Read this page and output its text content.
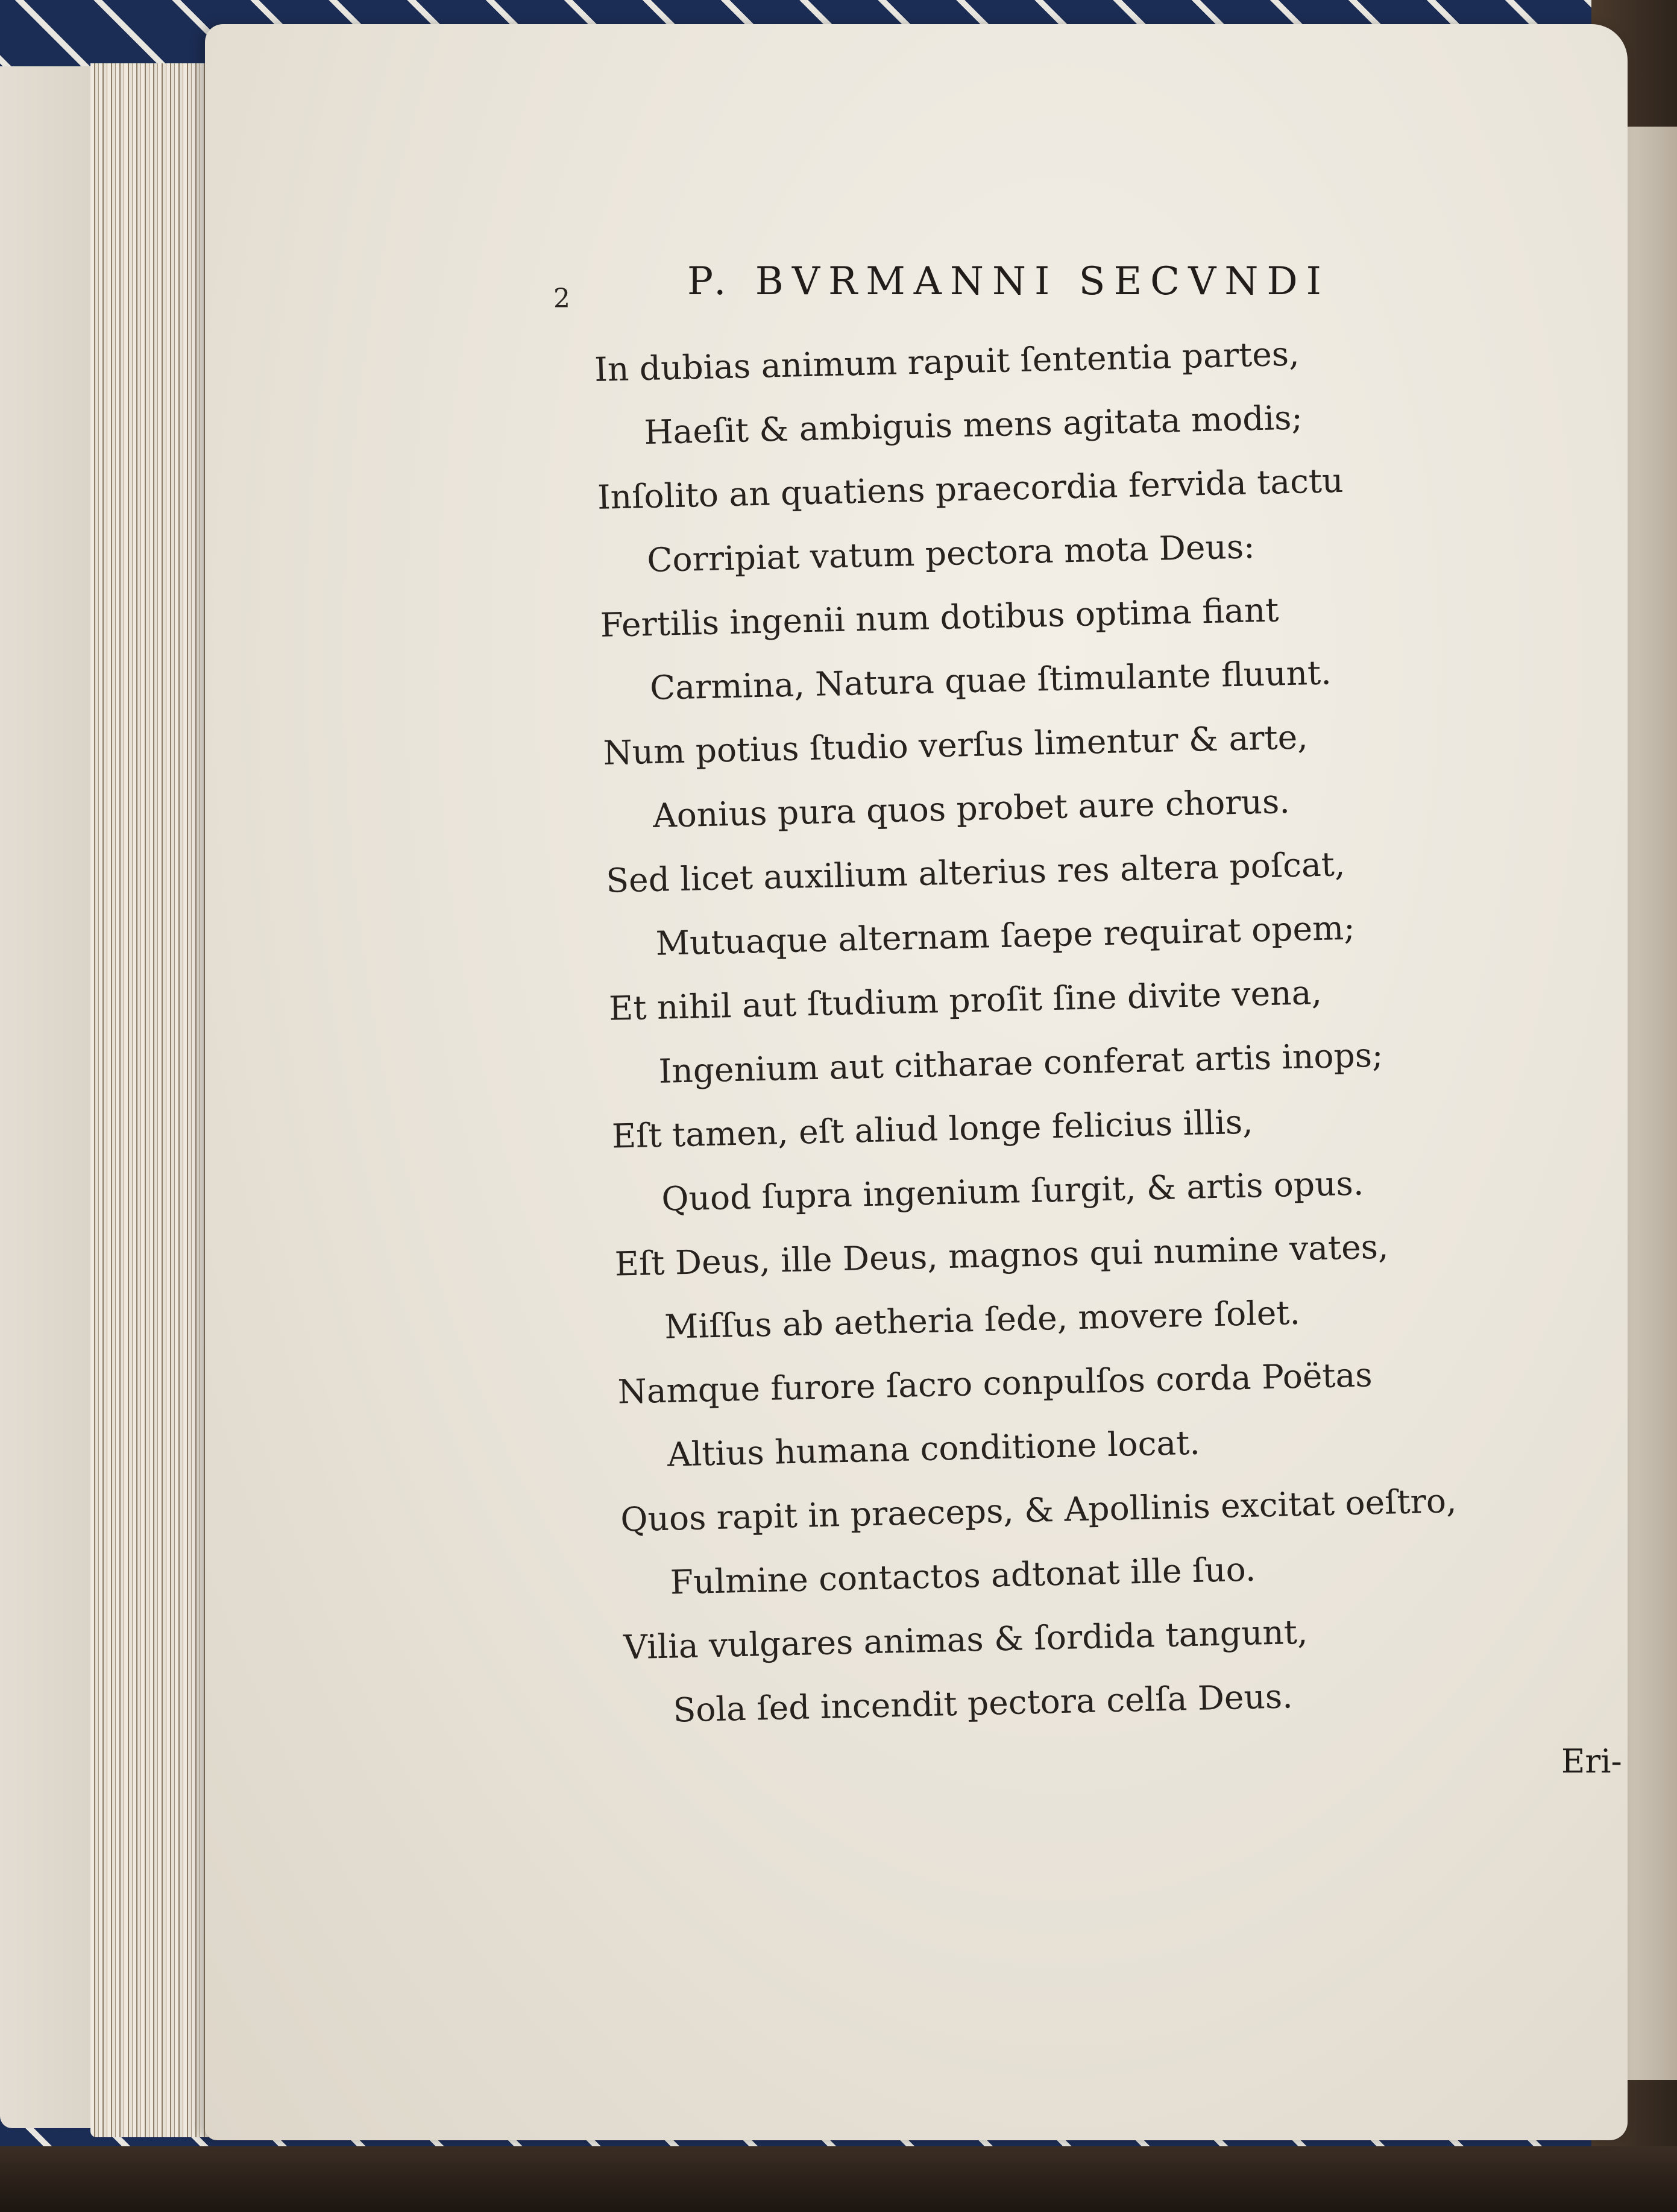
2	P. BVRMANNI SECVNDI
In dubias animum rapuit ſententia partes,
Haeſit & ambiguis mens agitata modis;
Inſolito an quatiens praecordia fervida tactu
Corripiat vatum pectora mota Deus:
Fertilis ingenii num dotibus optima fiant
Carmina, Natura quae ſtimulante fluunt.
Num potius ſtudio verſus limentur & arte,
Aonius pura quos probet aure chorus.
Sed licet auxilium alterius res altera poſcat,
Mutuaque alternam ſaepe requirat opem;
Et nihil aut ſtudium proſit ſine divite vena,
Ingenium aut citharae conferat artis inops;
Eſt tamen, eſt aliud longe felicius illis,
Quod ſupra ingenium ſurgit, & artis opus.
Eſt Deus, ille Deus, magnos qui numine vates,
Miſſus ab aetheria ſede, movere ſolet.
Namque furore ſacro conpulſos corda Poëtas
Altius humana conditione locat.
Quos rapit in praeceps, & Apollinis excitat oeſtro,
Fulmine contactos adtonat ille ſuo.
Vilia vulgares animas & ſordida tangunt,
Sola ſed incendit pectora celſa Deus.
Eri-
